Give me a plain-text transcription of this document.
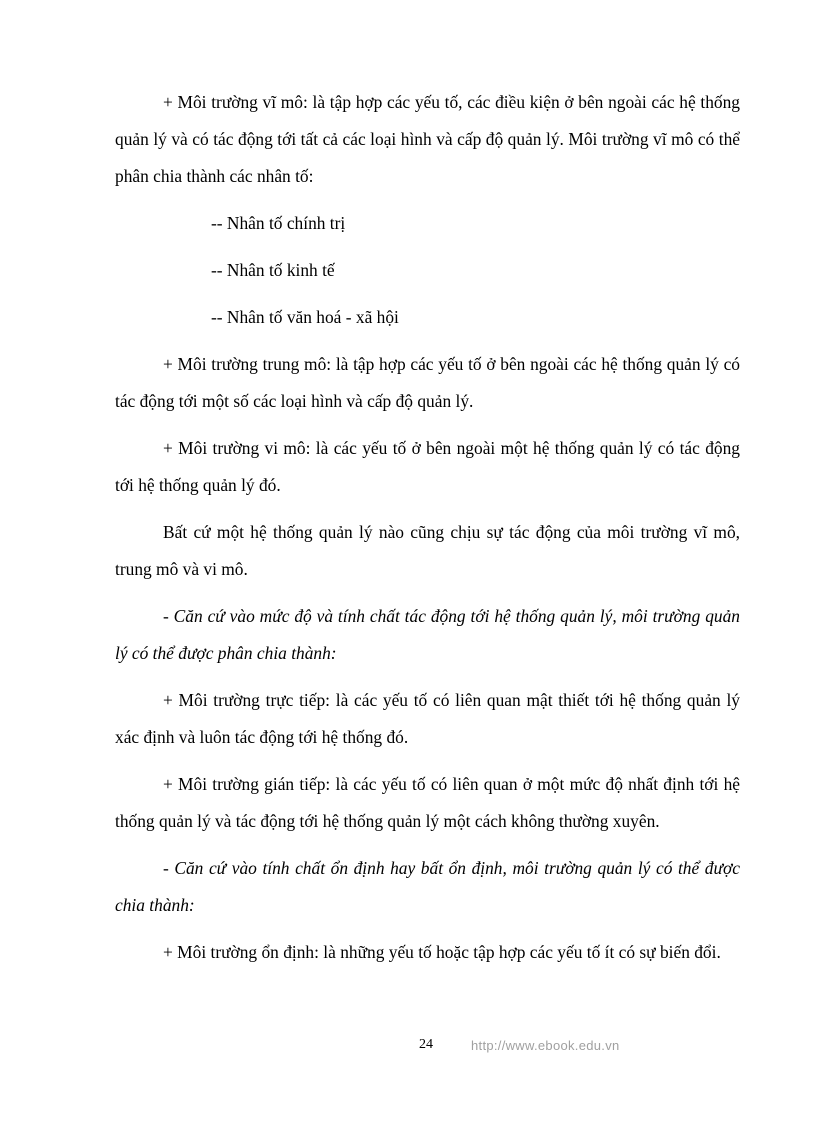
+ Môi trường vĩ mô: là tập hợp các yếu tố, các điều kiện ở bên ngoài các hệ thống quản lý và có tác động tới tất cả các loại hình và cấp độ quản lý. Môi trường vĩ mô có thể phân chia thành các nhân tố:

-- Nhân tố chính trị
-- Nhân tố kinh tế
-- Nhân tố văn hoá - xã hội

+ Môi trường trung mô: là tập hợp các yếu tố ở bên ngoài các hệ thống quản lý có tác động tới một số các loại hình và cấp độ quản lý.

+ Môi trường vi mô: là các yếu tố ở bên ngoài một hệ thống quản lý có tác động tới hệ thống quản lý đó.

Bất cứ một hệ thống quản lý nào cũng chịu sự tác động của môi trường vĩ mô, trung mô và vi mô.

- Căn cứ vào mức độ và tính chất tác động tới hệ thống quản lý, môi trường quản lý có thể được phân chia thành:

+ Môi trường trực tiếp: là các yếu tố có liên quan mật thiết tới hệ thống quản lý xác định và luôn tác động tới hệ thống đó.

+ Môi trường gián tiếp: là các yếu tố có liên quan ở một mức độ nhất định tới hệ thống quản lý và tác động tới hệ thống quản lý một cách không thường xuyên.

- Căn cứ vào tính chất ổn định hay bất ổn định, môi trường quản lý có thể được chia thành:

+ Môi trường ổn định: là những yếu tố hoặc tập hợp các yếu tố ít có sự biến đổi.

24	http://www.ebook.edu.vn
